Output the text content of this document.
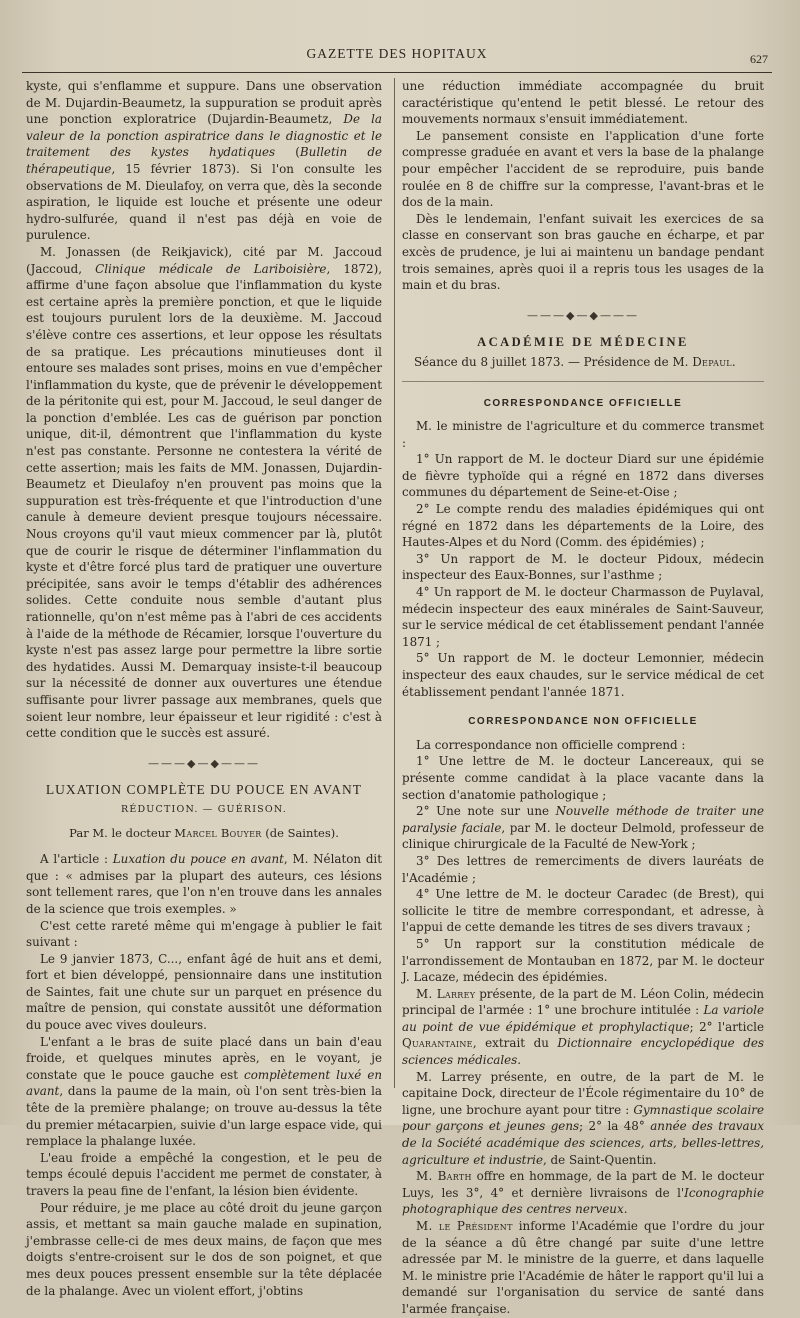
GAZETTE DES HOPITAUX	627

kyste, qui s'enflamme et suppure. Dans une observation de M. Dujardin-Beaumetz, la suppuration se produit après une ponction exploratrice (Dujardin-Beaumetz, De la valeur de la ponction aspiratrice dans le diagnostic et le traitement des kystes hydatiques (Bulletin de thérapeutique, 15 février 1873). Si l'on consulte les observations de M. Dieulafoy, on verra que, dès la seconde aspiration, le liquide est louche et présente une odeur hydro-sulfurée, quand il n'est pas déjà en voie de purulence.

M. Jonassen (de Reikjavick), cité par M. Jaccoud (Jaccoud, Clinique médicale de Lariboisière, 1872), affirme d'une façon absolue que l'inflammation du kyste est certaine après la première ponction, et que le liquide est toujours purulent lors de la deuxième. M. Jaccoud s'élève contre ces assertions, et leur oppose les résultats de sa pratique. Les précautions minutieuses dont il entoure ses malades sont prises, moins en vue d'empêcher l'inflammation du kyste, que de prévenir le développement de la péritonite qui est, pour M. Jaccoud, le seul danger de la ponction d'emblée. Les cas de guérison par ponction unique, dit-il, démontrent que l'inflammation du kyste n'est pas constante. Personne ne contestera la vérité de cette assertion; mais les faits de MM. Jonassen, Dujardin-Beaumetz et Dieulafoy n'en prouvent pas moins que la suppuration est très-fréquente et que l'introduction d'une canule à demeure devient presque toujours nécessaire. Nous croyons qu'il vaut mieux commencer par là, plutôt que de courir le risque de déterminer l'inflammation du kyste et d'être forcé plus tard de pratiquer une ouverture précipitée, sans avoir le temps d'établir des adhérences solides. Cette conduite nous semble d'autant plus rationnelle, qu'on n'est même pas à l'abri de ces accidents à l'aide de la méthode de Récamier, lorsque l'ouverture du kyste n'est pas assez large pour permettre la libre sortie des hydatides. Aussi M. Demarquay insiste-t-il beaucoup sur la nécessité de donner aux ouvertures une étendue suffisante pour livrer passage aux membranes, quels que soient leur nombre, leur épaisseur et leur rigidité : c'est à cette condition que le succès est assuré.

———◆—◆———
LUXATION COMPLÈTE DU POUCE EN AVANT
RÉDUCTION. — GUÉRISON.
Par M. le docteur Marcel Bouyer (de Saintes).

A l'article : Luxation du pouce en avant, M. Nélaton dit que : « admises par la plupart des auteurs, ces lésions sont tellement rares, que l'on n'en trouve dans les annales de la science que trois exemples. »

C'est cette rareté même qui m'engage à publier le fait suivant :

Le 9 janvier 1873, C..., enfant âgé de huit ans et demi, fort et bien développé, pensionnaire dans une institution de Saintes, fait une chute sur un parquet en présence du maître de pension, qui constate aussitôt une déformation du pouce avec vives douleurs.

L'enfant a le bras de suite placé dans un bain d'eau froide, et quelques minutes après, en le voyant, je constate que le pouce gauche est complètement luxé en avant, dans la paume de la main, où l'on sent très-bien la tête de la première phalange; on trouve au-dessus la tête du premier métacarpien, suivie d'un large espace vide, qui remplace la phalange luxée.

L'eau froide a empêché la congestion, et le peu de temps écoulé depuis l'accident me permet de constater, à travers la peau fine de l'enfant, la lésion bien évidente.

Pour réduire, je me place au côté droit du jeune garçon assis, et mettant sa main gauche malade en supination, j'embrasse celle-ci de mes deux mains, de façon que mes doigts s'entre-croisent sur le dos de son poignet, et que mes deux pouces pressent ensemble sur la tête déplacée de la phalange. Avec un violent effort, j'obtins

une réduction immédiate accompagnée du bruit caractéristique qu'entend le petit blessé. Le retour des mouvements normaux s'ensuit immédiatement.

Le pansement consiste en l'application d'une forte compresse graduée en avant et vers la base de la phalange pour empêcher l'accident de se reproduire, puis bande roulée en 8 de chiffre sur la compresse, l'avant-bras et le dos de la main.

Dès le lendemain, l'enfant suivait les exercices de sa classe en conservant son bras gauche en écharpe, et par excès de prudence, je lui ai maintenu un bandage pendant trois semaines, après quoi il a repris tous les usages de la main et du bras.

———◆—◆———
ACADÉMIE DE MÉDECINE

Séance du 8 juillet 1873. — Présidence de M. Depaul.

CORRESPONDANCE OFFICIELLE

M. le ministre de l'agriculture et du commerce transmet :

1° Un rapport de M. le docteur Diard sur une épidémie de fièvre typhoïde qui a régné en 1872 dans diverses communes du département de Seine-et-Oise ;

2° Le compte rendu des maladies épidémiques qui ont régné en 1872 dans les départements de la Loire, des Hautes-Alpes et du Nord (Comm. des épidémies) ;

3° Un rapport de M. le docteur Pidoux, médecin inspecteur des Eaux-Bonnes, sur l'asthme ;

4° Un rapport de M. le docteur Charmasson de Puylaval, médecin inspecteur des eaux minérales de Saint-Sauveur, sur le service médical de cet établissement pendant l'année 1871 ;

5° Un rapport de M. le docteur Lemonnier, médecin inspecteur des eaux chaudes, sur le service médical de cet établissement pendant l'année 1871.

CORRESPONDANCE NON OFFICIELLE

La correspondance non officielle comprend :

1° Une lettre de M. le docteur Lancereaux, qui se présente comme candidat à la place vacante dans la section d'anatomie pathologique ;

2° Une note sur une Nouvelle méthode de traiter une paralysie faciale, par M. le docteur Delmold, professeur de clinique chirurgicale de la Faculté de New-York ;

3° Des lettres de remerciments de divers lauréats de l'Académie ;

4° Une lettre de M. le docteur Caradec (de Brest), qui sollicite le titre de membre correspondant, et adresse, à l'appui de cette demande les titres de ses divers travaux ;

5° Un rapport sur la constitution médicale de l'arrondissement de Montauban en 1872, par M. le docteur J. Lacaze, médecin des épidémies.

M. Larrey présente, de la part de M. Léon Colin, médecin principal de l'armée : 1° une brochure intitulée : La variole au point de vue épidémique et prophylactique; 2° l'article Quarantaine, extrait du Dictionnaire encyclopédique des sciences médicales.

M. Larrey présente, en outre, de la part de M. le capitaine Dock, directeur de l'École régimentaire du 10° de ligne, une brochure ayant pour titre : Gymnastique scolaire pour garçons et jeunes gens; 2° la 48° année des travaux de la Société académique des sciences, arts, belles-lettres, agriculture et industrie, de Saint-Quentin.

M. Barth offre en hommage, de la part de M. le docteur Luys, les 3°, 4° et dernière livraisons de l'Iconographie photographique des centres nerveux.

M. le Président informe l'Académie que l'ordre du jour de la séance a dû être changé par suite d'une lettre adressée par M. le ministre de la guerre, et dans laquelle M. le ministre prie l'Académie de hâter le rapport qu'il lui a demandé sur l'organisation du service de santé dans l'armée française.
